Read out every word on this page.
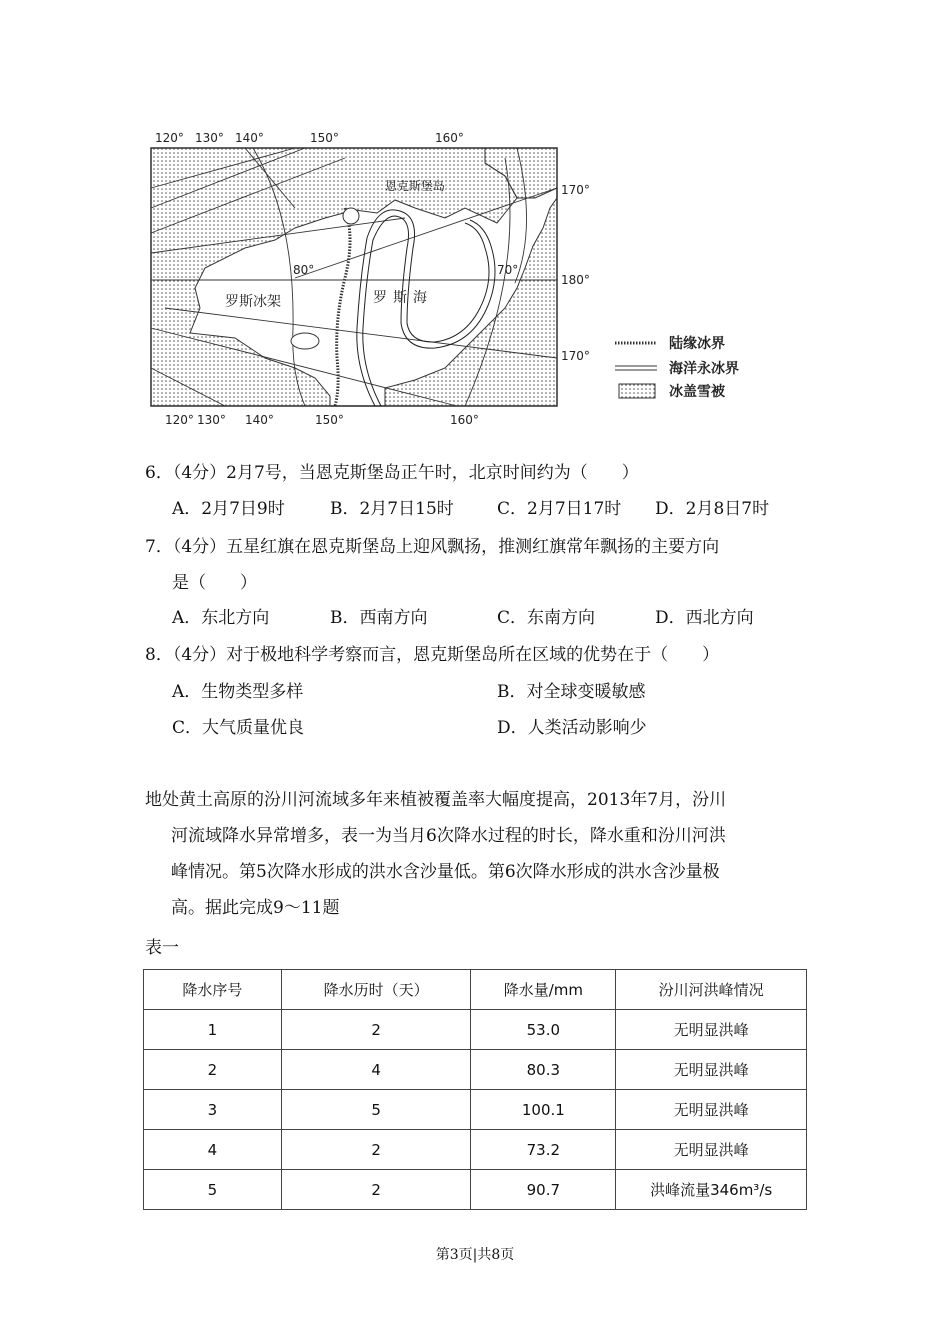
120° 130° 140°	150°	160°
120° 130° 140°	150°	160°
170°
180°
170°
80°	70°
恩克斯堡岛
罗斯冰架	罗斯海
陆缘冰界
海洋永冰界
冰盖雪被
6．（4分）2月7号，当恩克斯堡岛正午时，北京时间约为（　　）
A．2月7日9时	B．2月7日15时	C．2月7日17时 D．2月8日7时
7．（4分）五星红旗在恩克斯堡岛上迎风飘扬，推测红旗常年飘扬的主要方向
是（　　）
A．东北方向	B．西南方向	C．东南方向	D．西北方向
8．（4分）对于极地科学考察而言，恩克斯堡岛所在区域的优势在于（　　）
A．生物类型多样	B．对全球变暖敏感
C．大气质量优良	D．人类活动影响少

地处黄土高原的汾川河流域多年来植被覆盖率大幅度提高，2013年7月，汾川

河流域降水异常增多，表一为当月6次降水过程的时长，降水重和汾川河洪

峰情况。第5次降水形成的洪水含沙量低。第6次降水形成的洪水含沙量极

高。据此完成9～11题

表一
降水序号	降水历时（天）	降水量/mm	汾川河洪峰情况
1	2	53.0	无明显洪峰
2	4	80.3	无明显洪峰
3	5	100.1	无明显洪峰
4	2	73.2	无明显洪峰
5	2	90.7	洪峰流量346m³/s
第3页|共8页
